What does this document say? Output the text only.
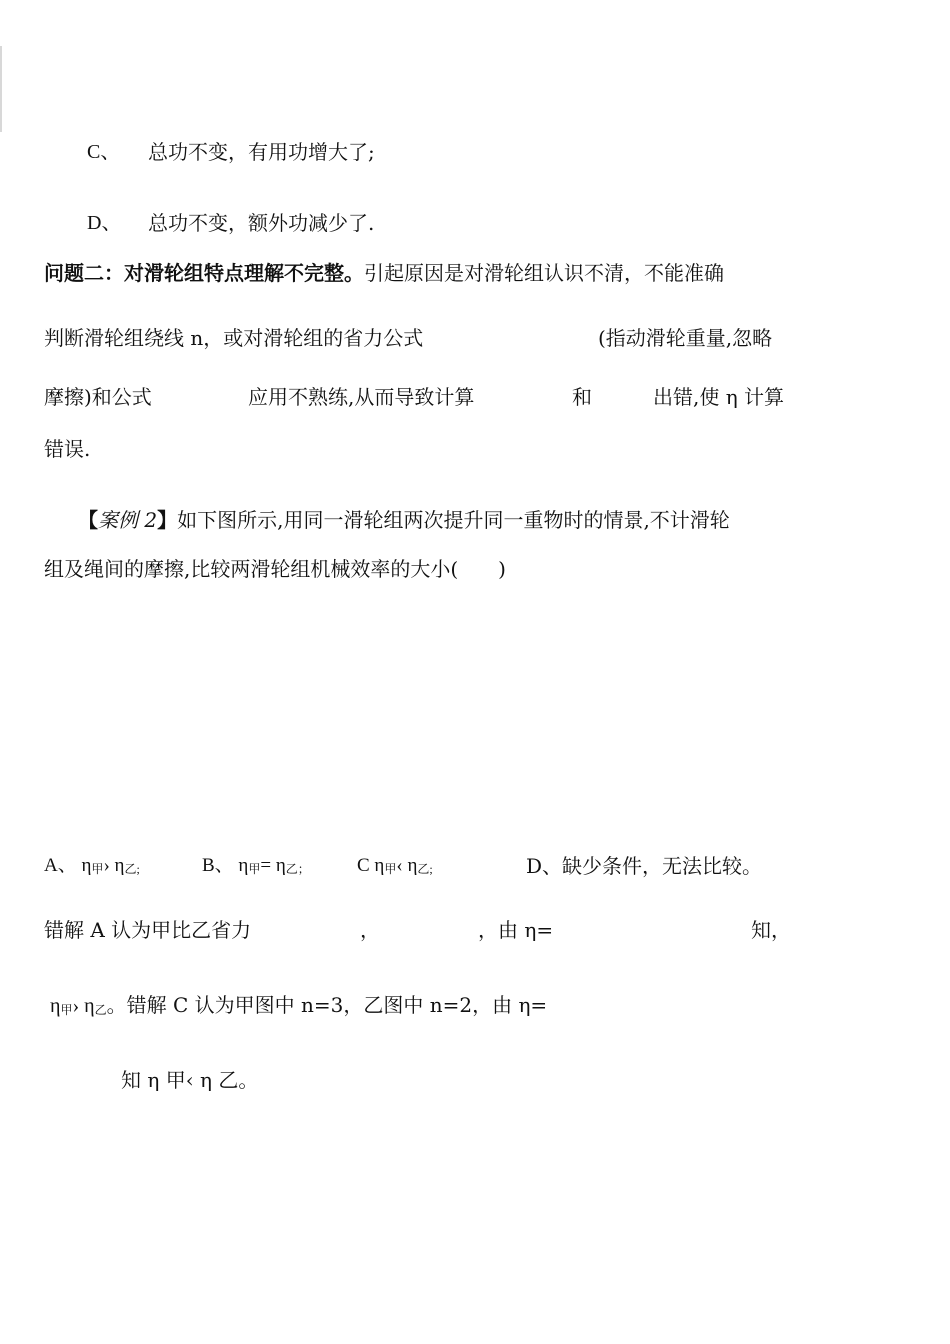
C、 总功不变，有用功增大了;
D、 总功不变，额外功减少了.
问题二：对滑轮组特点理解不完整。引起原因是对滑轮组认识不清，不能准确
判断滑轮组绕线 n，或对滑轮组的省力公式	(指动滑轮重量,忽略
摩擦)和公式	应用不熟练,从而导致计算	和	出错,使 η 计算
错误.
【案例 2】如下图所示,用同一滑轮组两次提升同一重物时的情景,不计滑轮
组及绳间的摩擦,比较两滑轮组机械效率的大小(　　)
A、 η甲› η乙;	B、 η甲= η乙； C η甲‹ η乙;	D、缺少条件，无法比较。
错解 A 认为甲比乙省力	，	，由 η=	知，
η甲› η乙。错解 C 认为甲图中 n=3，乙图中 n=2，由 η=
知 η 甲‹ η 乙。
